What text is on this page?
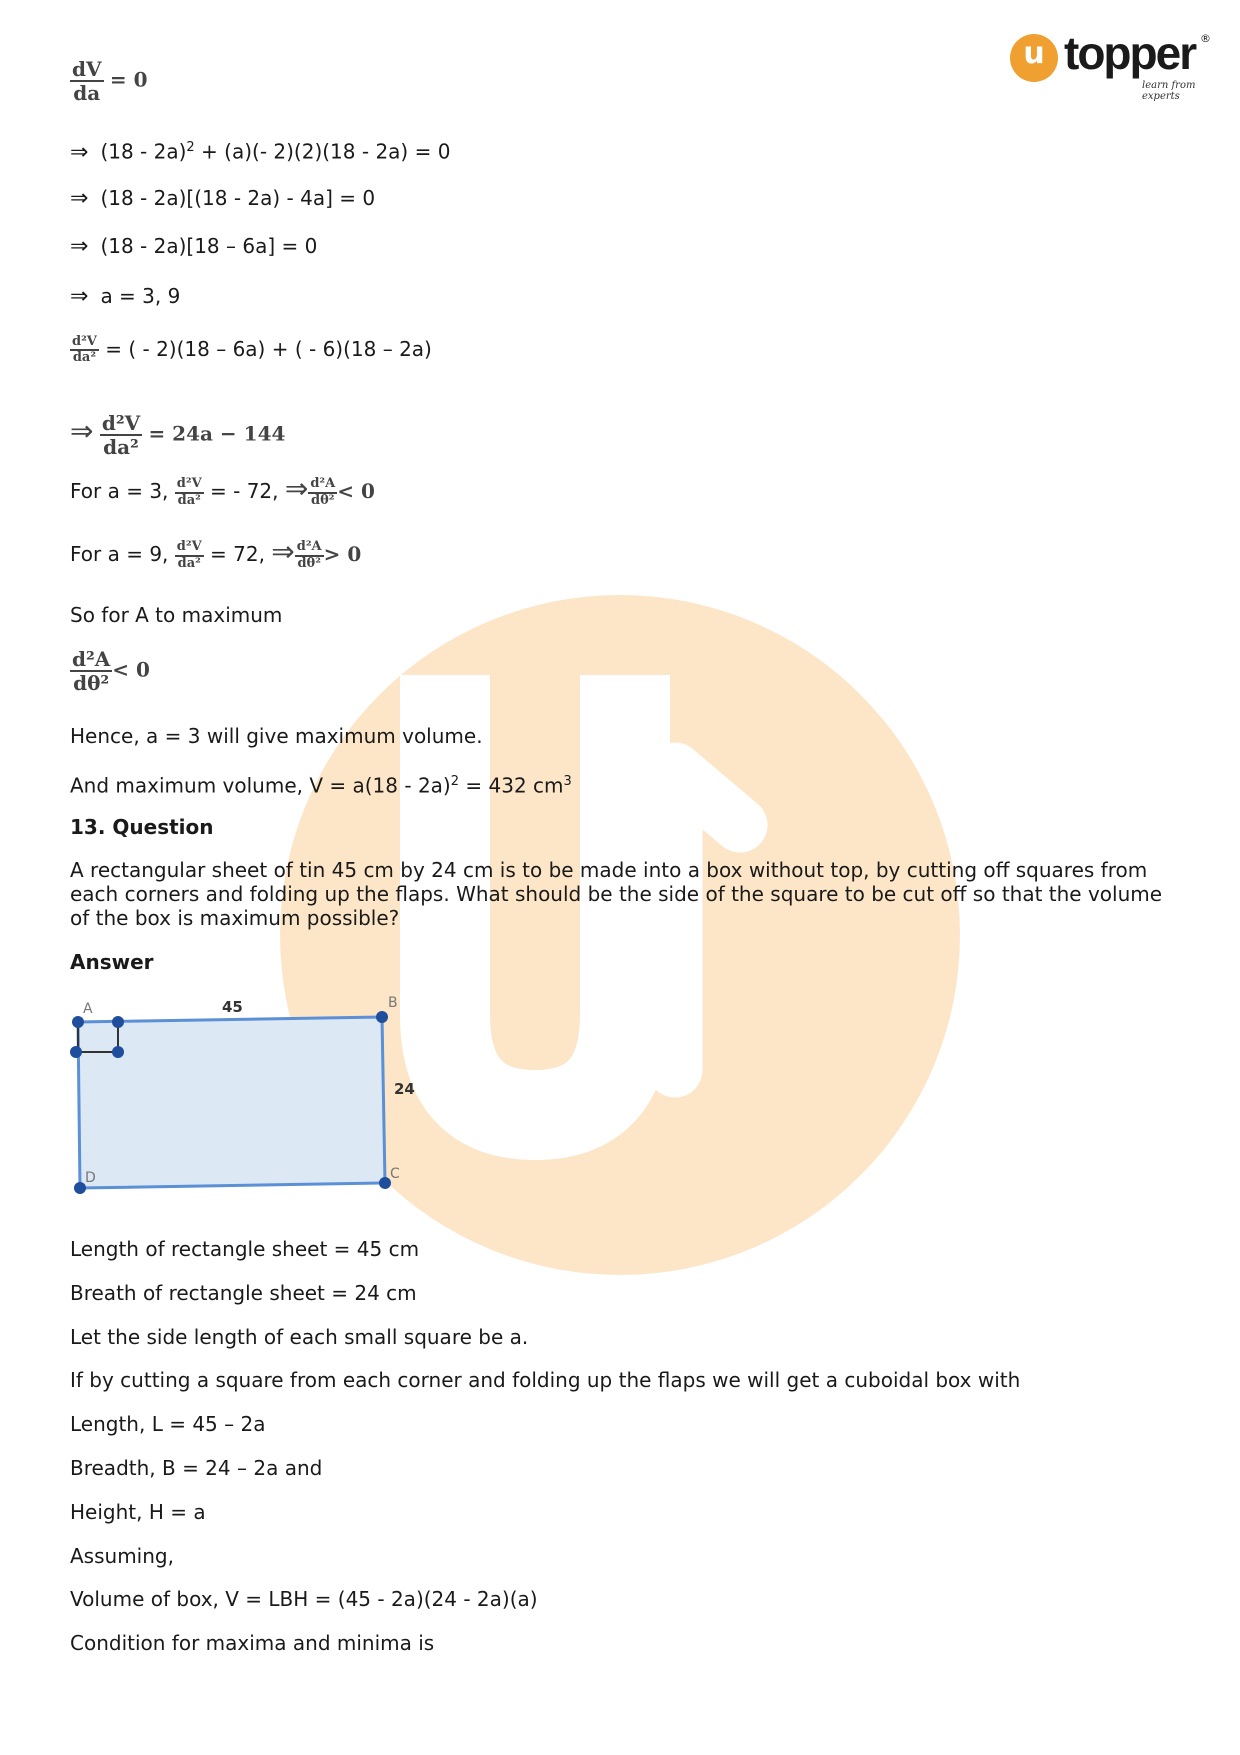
u topper
learn from experts
®
$\frac{dV}{da} = 0$
⇒ (18 - 2a)$^2$ + (a)(- 2)(2)(18 - 2a) = 0
⇒ (18 - 2a)[(18 - 2a) - 4a] = 0
⇒ (18 - 2a)[18 – 6a] = 0
⇒ a = 3, 9
$\frac{\text{d²V}}{\text{da²}}$ = ( - 2)(18 – 6a) + ( - 6)(18 – 2a)
⇒ $\frac{\text{d²V}}{\text{da²}} = 24a - 144$
For a = 3, $\frac{\text{d²V}}{\text{da²}}$ = - 72, ⇒ $\frac{\text{d²A}}{\text{dθ²}} < 0$
For a = 9, $\frac{\text{d²V}}{\text{da²}} = 72$, ⇒ $\frac{\text{d²A}}{\text{dθ²}} > 0$
So for A to maximum
$\frac{\text{d²A}}{\text{dθ²}} < 0$
Hence, a = 3 will give maximum volume.
And maximum volume, V = a(18 - 2a)$^2$ = 432 $cm^3$
13. Question
A rectangular sheet of tin 45 cm by 24 cm is to be made into a box without top, by cutting off squares from each corners and folding up the flaps. What should be the side of the square to be cut off so that the volume of the box is maximum possible?
Answer
A	B
C
D
45
24
Length of rectangle sheet = 45 cm
Breath of rectangle sheet = 24 cm
Let the side length of each small square be a.
If by cutting a square from each corner and folding up the flaps we will get a cuboidal box with
Length, L = 45 – 2a
Breadth, B = 24 – 2a and
Height, H = a
Assuming,
Volume of box, V = LBH = (45 - 2a)(24 - 2a)(a)
Condition for maxima and minima is
